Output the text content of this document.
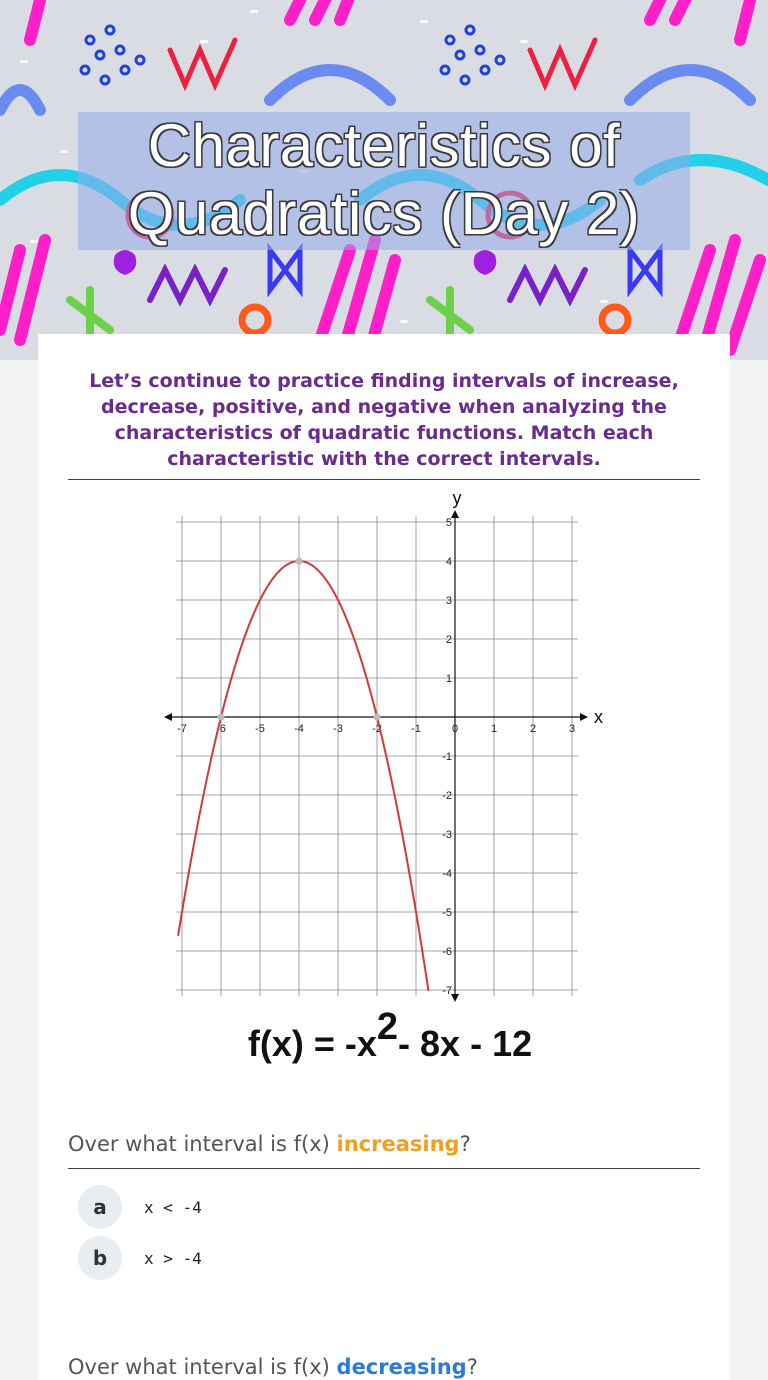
Characteristics of Quadratics (Day 2)
Let’s continue to practice finding intervals of increase, decrease, positive, and negative when analyzing the characteristics of quadratic functions. Match each characteristic with the correct intervals.
x
y
-7	-6	-5	-4	-3	-2	-1	0	1	2	3
5
4
3
2
1
-1
-2
-3
-4
-5
-6
-7
$f(x) = -x^2-$ 8x - 12
Over what interval is f(x) increasing?
a	x < -4
b	x > -4
Over what interval is f(x) decreasing?
